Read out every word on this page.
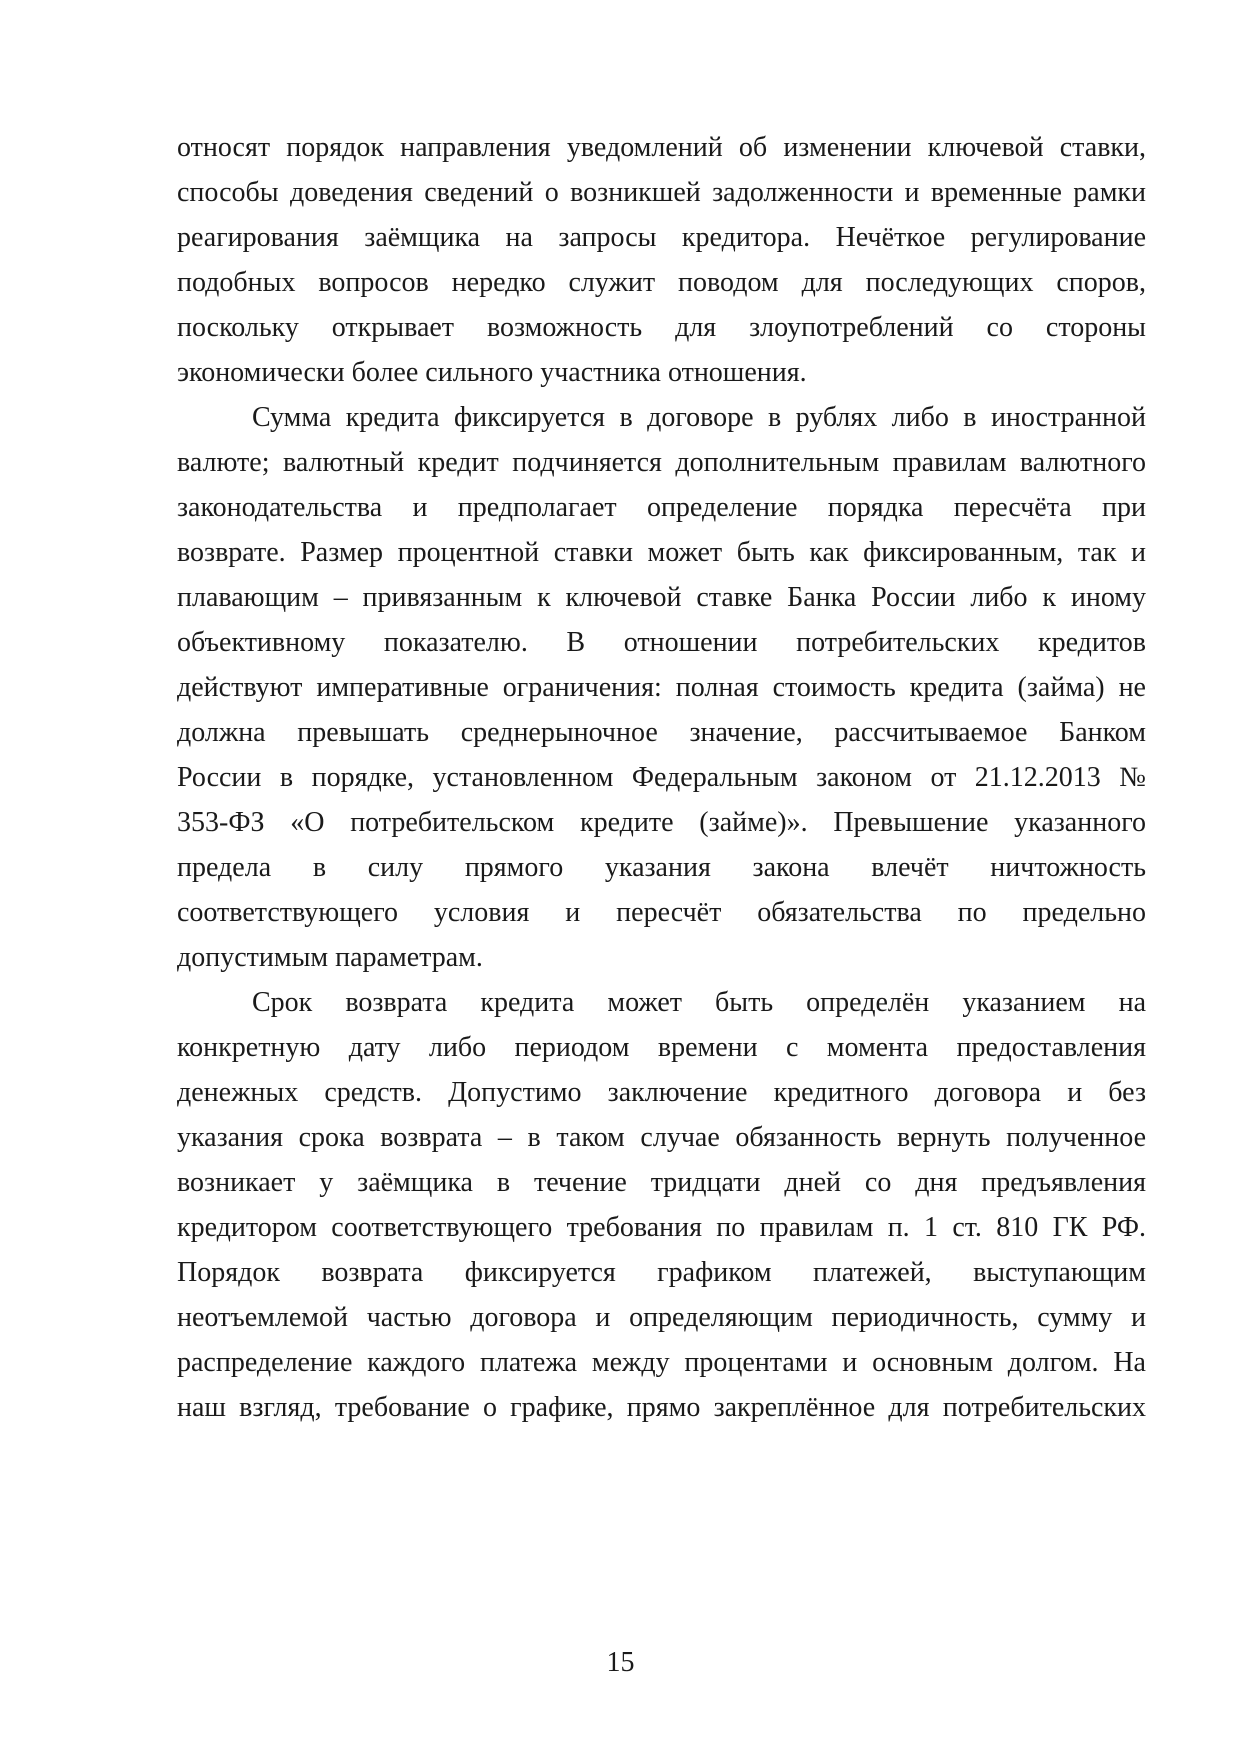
относят порядок направления уведомлений об изменении ключевой ставки,
способы доведения сведений о возникшей задолженности и временные рамки
реагирования заёмщика на запросы кредитора. Нечёткое регулирование
подобных вопросов нередко служит поводом для последующих споров,
поскольку открывает возможность для злоупотреблений со стороны
экономически более сильного участника отношения.
Сумма кредита фиксируется в договоре в рублях либо в иностранной
валюте; валютный кредит подчиняется дополнительным правилам валютного
законодательства и предполагает определение порядка пересчёта при
возврате. Размер процентной ставки может быть как фиксированным, так и
плавающим – привязанным к ключевой ставке Банка России либо к иному
объективному показателю. В отношении потребительских кредитов
действуют императивные ограничения: полная стоимость кредита (займа) не
должна превышать среднерыночное значение, рассчитываемое Банком
России в порядке, установленном Федеральным законом от 21.12.2013 №
353-ФЗ «О потребительском кредите (займе)». Превышение указанного
предела в силу прямого указания закона влечёт ничтожность
соответствующего условия и пересчёт обязательства по предельно
допустимым параметрам.
Срок возврата кредита может быть определён указанием на
конкретную дату либо периодом времени с момента предоставления
денежных средств. Допустимо заключение кредитного договора и без
указания срока возврата – в таком случае обязанность вернуть полученное
возникает у заёмщика в течение тридцати дней со дня предъявления
кредитором соответствующего требования по правилам п. 1 ст. 810 ГК РФ.
Порядок возврата фиксируется графиком платежей, выступающим
неотъемлемой частью договора и определяющим периодичность, сумму и
распределение каждого платежа между процентами и основным долгом. На
наш взгляд, требование о графике, прямо закреплённое для потребительских
15
